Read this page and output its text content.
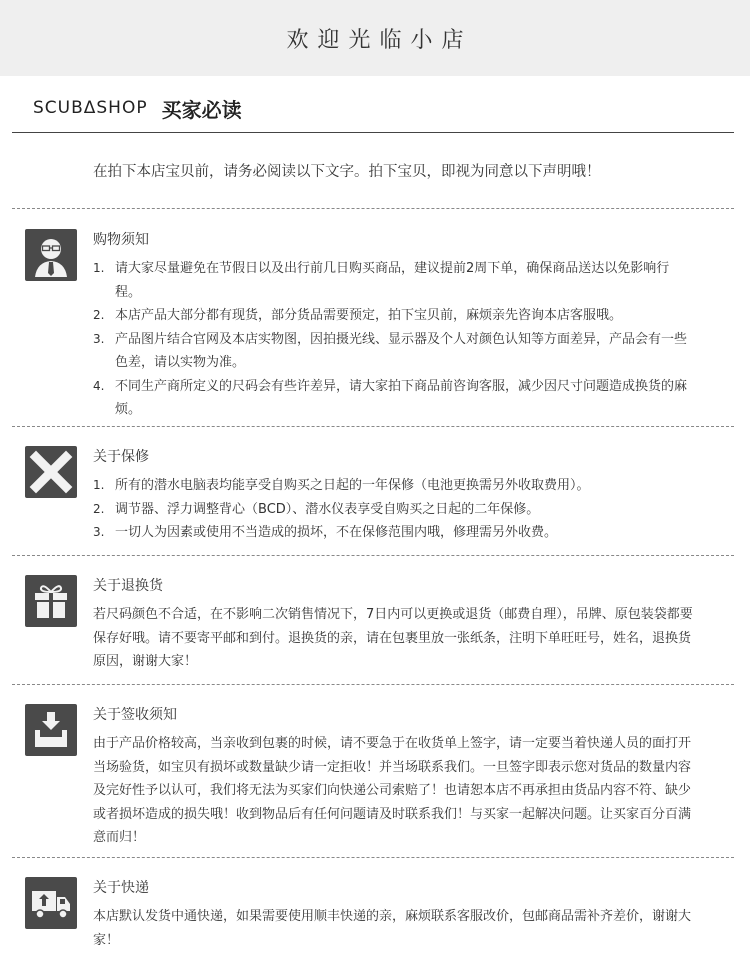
欢迎光临小店
SCUBΔSHOP 买家必读
在拍下本店宝贝前，请务必阅读以下文字。拍下宝贝，即视为同意以下声明哦！
购物须知
1. 请大家尽量避免在节假日以及出行前几日购买商品，建议提前2周下单，确保商品送达以免影响行程。
2. 本店产品大部分都有现货，部分货品需要预定，拍下宝贝前，麻烦亲先咨询本店客服哦。
3. 产品图片结合官网及本店实物图，因拍摄光线、显示器及个人对颜色认知等方面差异，产品会有一些色差，请以实物为准。
4. 不同生产商所定义的尺码会有些许差异，请大家拍下商品前咨询客服，减少因尺寸问题造成换货的麻烦。
关于保修
1. 所有的潜水电脑表均能享受自购买之日起的一年保修（电池更换需另外收取费用）。
2. 调节器、浮力调整背心（BCD）、潜水仪表享受自购买之日起的二年保修。
3. 一切人为因素或使用不当造成的损坏，不在保修范围内哦，修理需另外收费。
关于退换货
若尺码颜色不合适，在不影响二次销售情况下，7日内可以更换或退货（邮费自理），吊牌、原包装袋都要保存好哦。请不要寄平邮和到付。退换货的亲，请在包裹里放一张纸条，注明下单旺旺号，姓名，退换货原因，谢谢大家！
关于签收须知
由于产品价格较高，当亲收到包裹的时候，请不要急于在收货单上签字，请一定要当着快递人员的面打开当场验货，如宝贝有损坏或数量缺少请一定拒收！并当场联系我们。一旦签字即表示您对货品的数量内容及完好性予以认可，我们将无法为买家们向快递公司索赔了！也请恕本店不再承担由货品内容不符、缺少或者损坏造成的损失哦！收到物品后有任何问题请及时联系我们！与买家一起解决问题。让买家百分百满意而归！
关于快递
本店默认发货中通快递，如果需要使用顺丰快递的亲，麻烦联系客服改价，包邮商品需补齐差价，谢谢大家！
